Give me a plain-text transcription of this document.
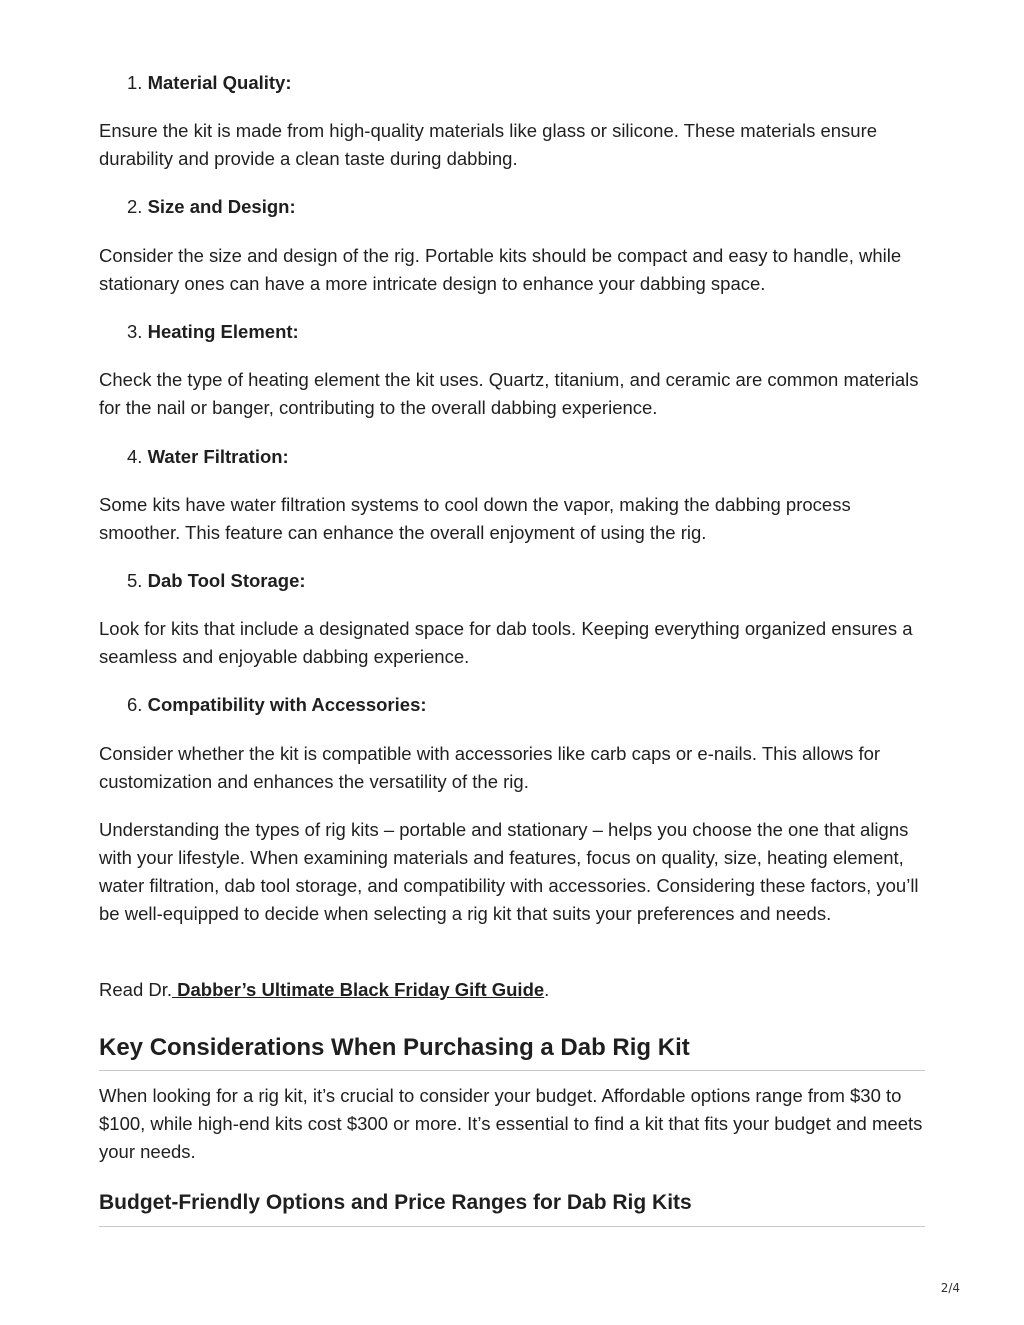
1. Material Quality:

Ensure the kit is made from high-quality materials like glass or silicone. These materials ensure durability and provide a clean taste during dabbing.

2. Size and Design:

Consider the size and design of the rig. Portable kits should be compact and easy to handle, while stationary ones can have a more intricate design to enhance your dabbing space.

3. Heating Element:

Check the type of heating element the kit uses. Quartz, titanium, and ceramic are common materials for the nail or banger, contributing to the overall dabbing experience.

4. Water Filtration:

Some kits have water filtration systems to cool down the vapor, making the dabbing process smoother. This feature can enhance the overall enjoyment of using the rig.

5. Dab Tool Storage:

Look for kits that include a designated space for dab tools. Keeping everything organized ensures a seamless and enjoyable dabbing experience.

6. Compatibility with Accessories:

Consider whether the kit is compatible with accessories like carb caps or e-nails. This allows for customization and enhances the versatility of the rig.

Understanding the types of rig kits – portable and stationary – helps you choose the one that aligns with your lifestyle. When examining materials and features, focus on quality, size, heating element, water filtration, dab tool storage, and compatibility with accessories. Considering these factors, you’ll be well-equipped to decide when selecting a rig kit that suits your preferences and needs.

Read Dr. Dabber’s Ultimate Black Friday Gift Guide.

Key Considerations When Purchasing a Dab Rig Kit

When looking for a rig kit, it’s crucial to consider your budget. Affordable options range from $30 to $100, while high-end kits cost $300 or more. It’s essential to find a kit that fits your budget and meets your needs.

Budget-Friendly Options and Price Ranges for Dab Rig Kits
2/4
